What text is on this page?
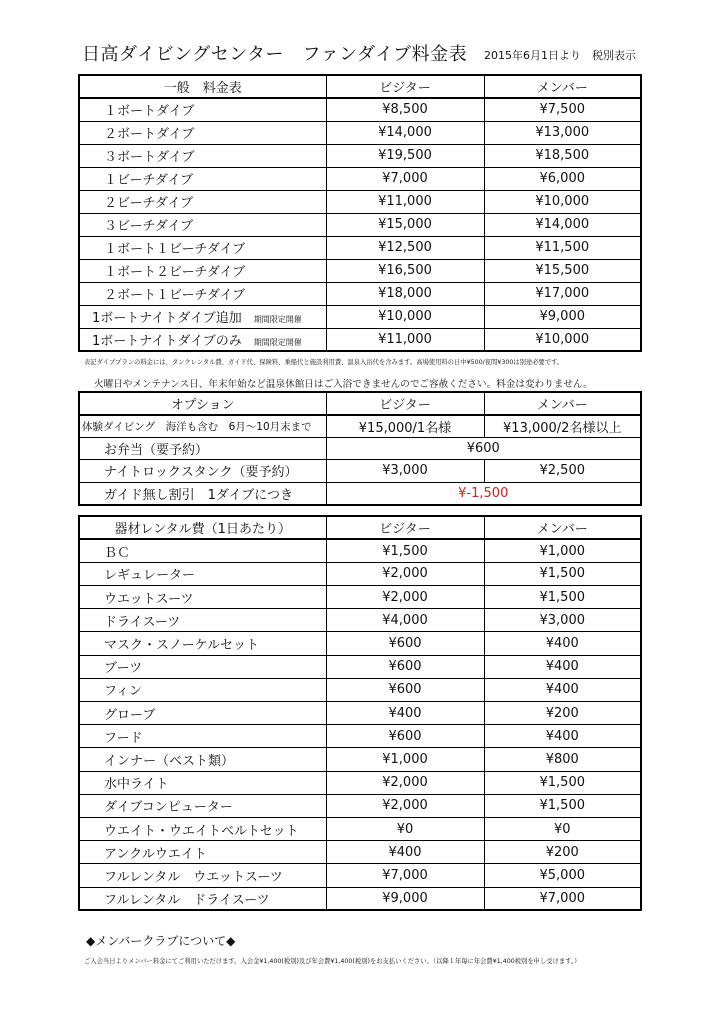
日高ダイビングセンター　ファンダイブ料金表 2015年6月1日より　税別表示
一般　料金表	ビジター	メンバー
１ボートダイブ	¥8,500	¥7,500
２ボートダイブ	¥14,000	¥13,000
３ボートダイブ	¥19,500	¥18,500
１ビーチダイブ	¥7,000	¥6,000
２ビーチダイブ	¥11,000	¥10,000
３ビーチダイブ	¥15,000	¥14,000
１ボート１ビーチダイブ	¥12,500	¥11,500
１ボート２ビーチダイブ	¥16,500	¥15,500
２ボート１ビーチダイブ	¥18,000	¥17,000
1ボートナイトダイブ追加 期間限定開催	¥10,000	¥9,000
1ボートナイトダイブのみ 期間限定開催	¥11,000	¥10,000
表記ダイブプランの料金には、タンクレンタル費、ガイド代、保険料、乗船代と施設利用費、温泉入浴代を含みます。高場使用料の日中¥500/夜間¥300は別途必要です。
火曜日やメンテナンス日、年末年始など温泉休館日はご入浴できませんのでご容赦ください。料金は変わりません。
オプション	ビジター	メンバー
体験ダイビング　海洋も含む　6月～10月末まで	¥15,000/1名様	¥13,000/2名様以上
お弁当（要予約）	¥600	
ナイトロックスタンク（要予約）	¥3,000	¥2,500
ガイド無し割引　1ダイブにつき	¥-1,500	
器材レンタル費（1日あたり）	ビジター	メンバー
ＢＣ	¥1,500	¥1,000
レギュレーター	¥2,000	¥1,500
ウエットスーツ	¥2,000	¥1,500
ドライスーツ	¥4,000	¥3,000
マスク・スノーケルセット	¥600	¥400
ブーツ	¥600	¥400
フィン	¥600	¥400
グローブ	¥400	¥200
フード	¥600	¥400
インナー（ベスト類）	¥1,000	¥800
水中ライト	¥2,000	¥1,500
ダイブコンピューター	¥2,000	¥1,500
ウエイト・ウエイトベルトセット	¥0	¥0
アンクルウエイト	¥400	¥200
フルレンタル　ウエットスーツ	¥7,000	¥5,000
フルレンタル　ドライスーツ	¥9,000	¥7,000
◆メンバークラブについて◆
ご入会当日よりメンバー料金にてご利用いただけます。入会金¥1,400(税別)及び年会費¥1,400(税別)をお支払いください。（以降１年毎に年会費¥1,400税別を申し受けます。）
